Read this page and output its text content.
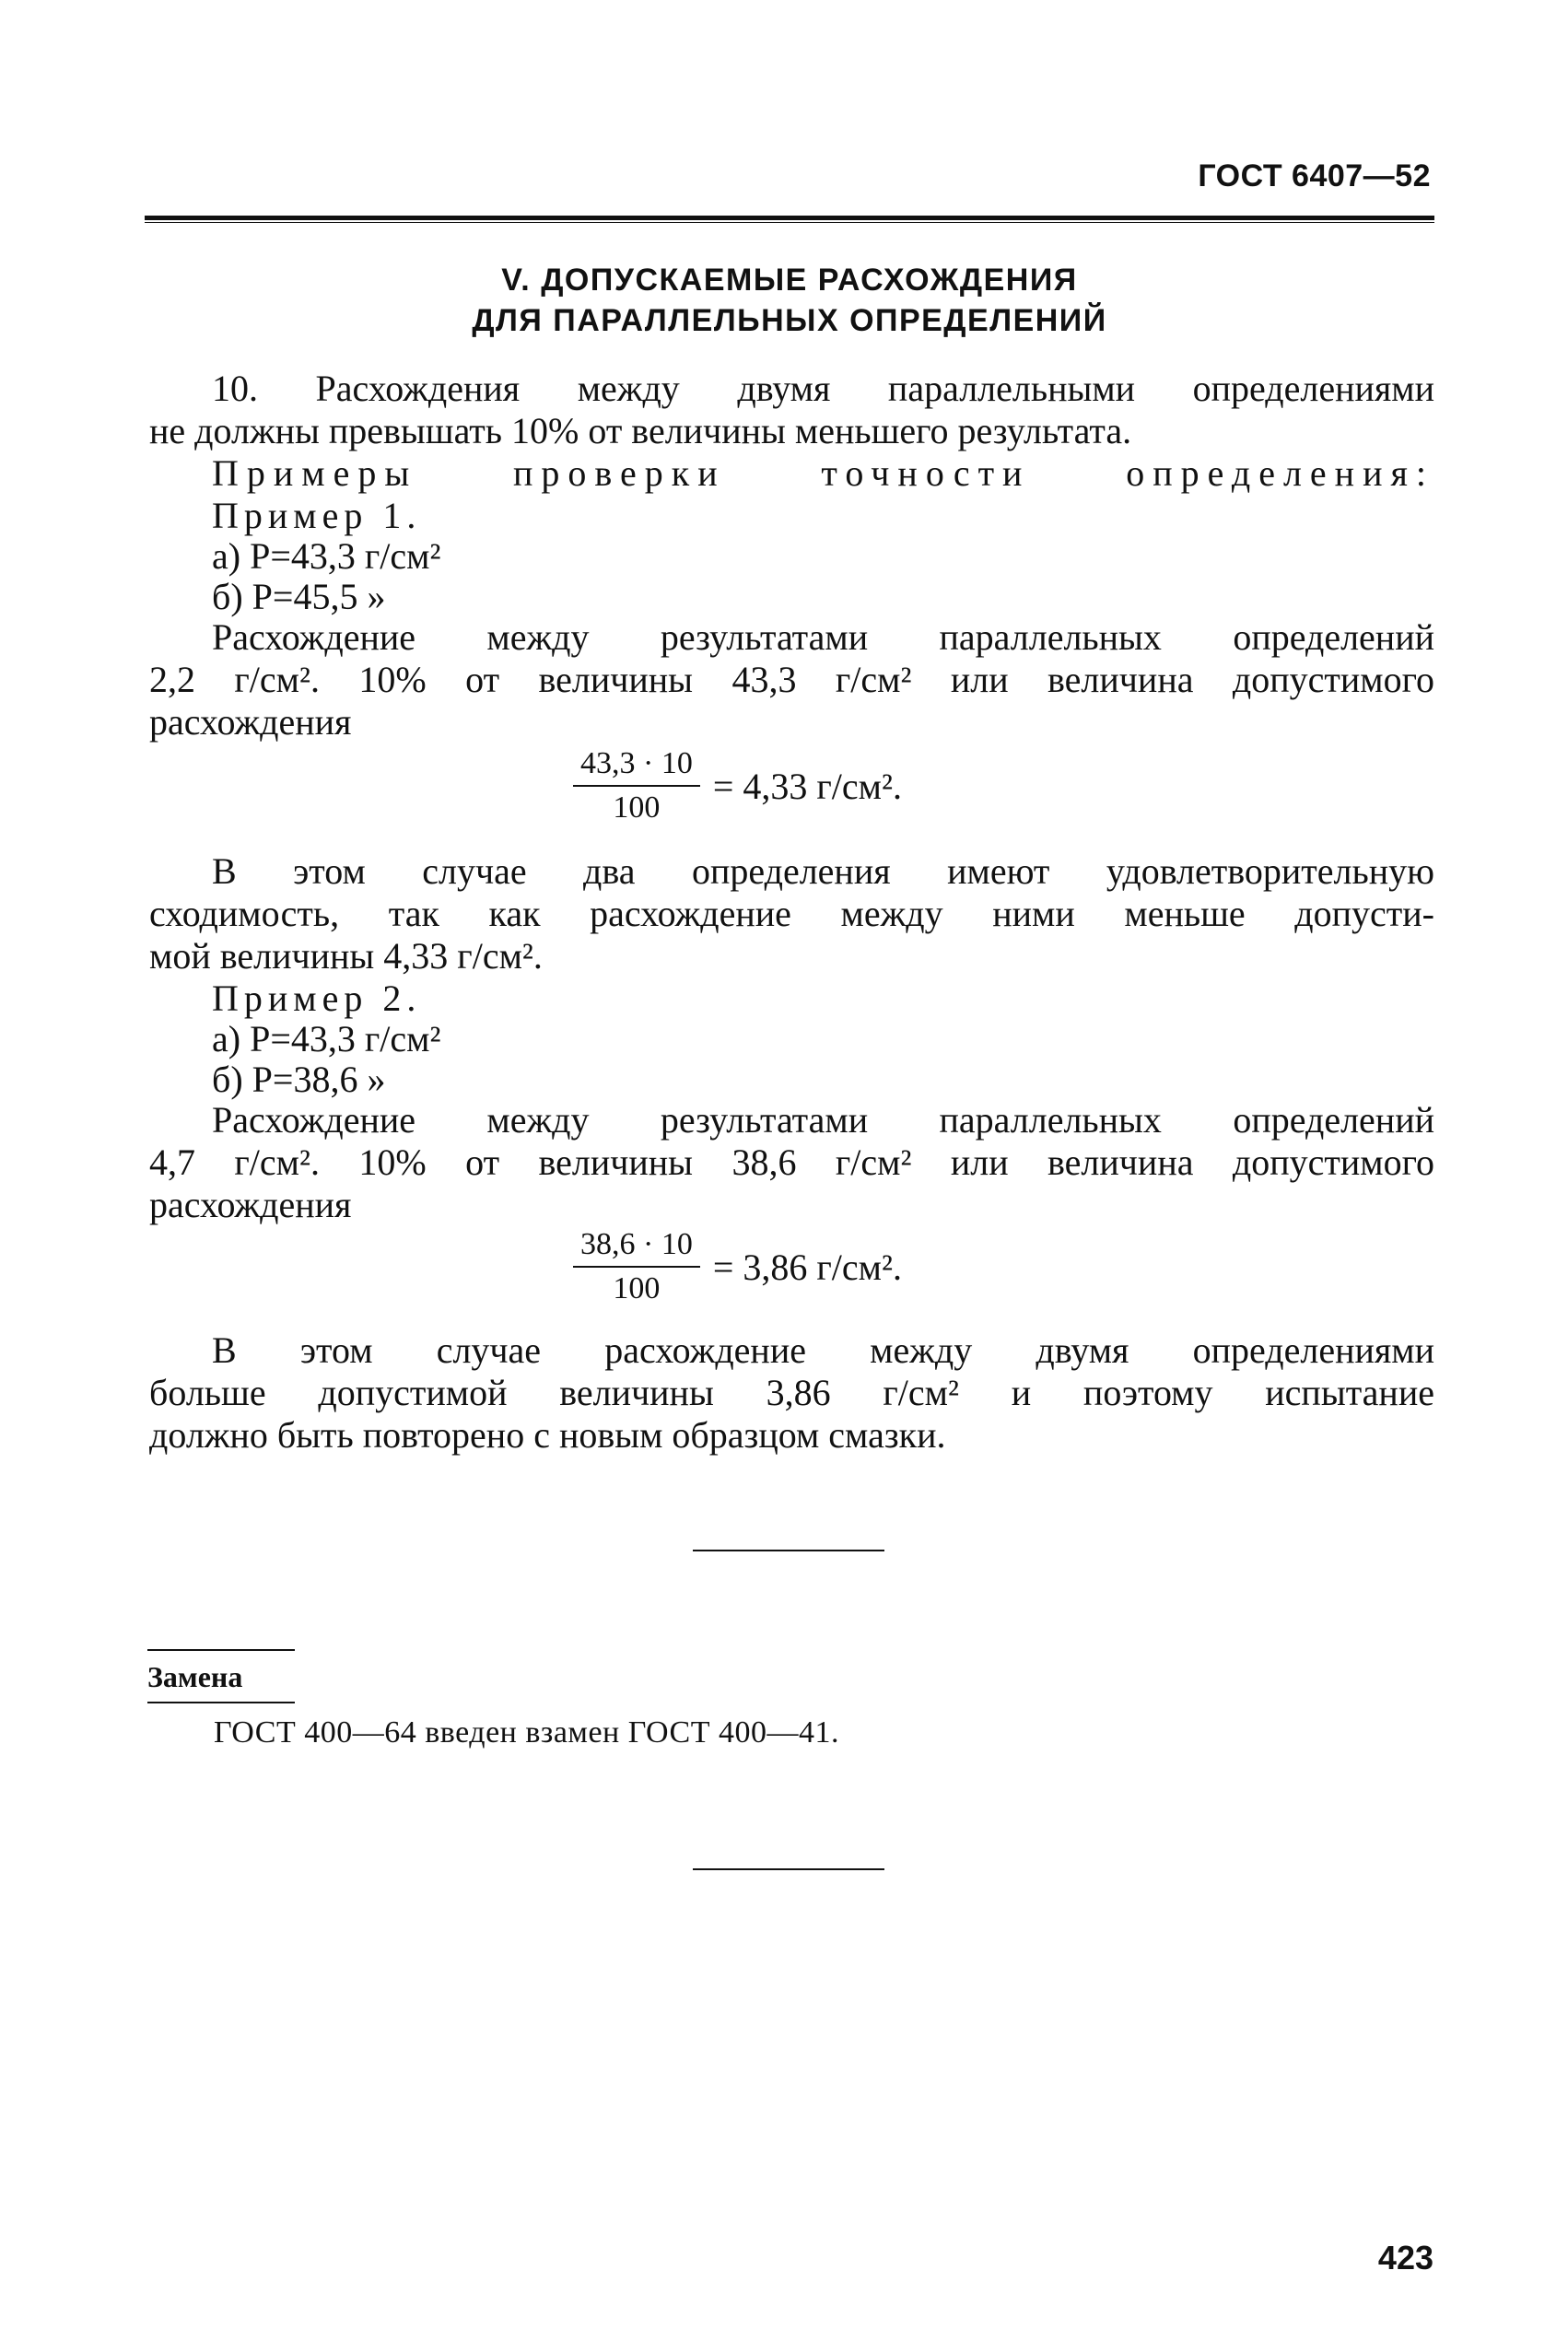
ГОСТ 6407—52
V. ДОПУСКАЕМЫЕ РАСХОЖДЕНИЯ
ДЛЯ ПАРАЛЛЕЛЬНЫХ ОПРЕДЕЛЕНИЙ
10. Расхождения между двумя параллельными определениями
не должны превышать 10% от величины меньшего результата.
Примеры проверки точности определения:
Пример 1.
а) P=43,3 г/см²
б) P=45,5 »
Расхождение между результатами параллельных определений
2,2 г/см². 10% от величины 43,3 г/см² или величина допустимого
расхождения
$\frac{43,3 \cdot 10}{100} = 4,33$ г/см².
В этом случае два определения имеют удовлетворительную
сходимость, так как расхождение между ними меньше допусти-
мой величины 4,33 г/см².
Пример 2.
а) P=43,3 г/см²
б) P=38,6 »
Расхождение между результатами параллельных определений
4,7 г/см². 10% от величины 38,6 г/см² или величина допустимого
расхождения
$\frac{38,6 \cdot 10}{100} = 3,86$ г/см².
В этом случае расхождение между двумя определениями
больше допустимой величины 3,86 г/см² и поэтому испытание
должно быть повторено с новым образцом смазки.
Замена
ГОСТ 400—64 введен взамен ГОСТ 400—41.
423
